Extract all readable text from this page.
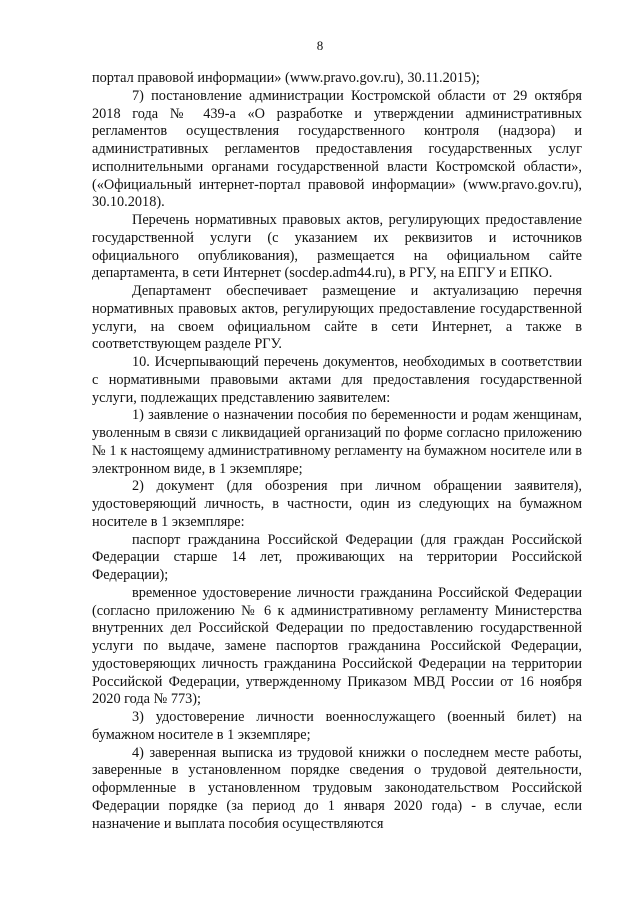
8

портал правовой информации» (www.pravo.gov.ru), 30.11.2015);

7) постановление администрации Костромской области от 29 октября 2018 года № 439-а «О разработке и утверждении административных регламентов осуществления государственного контроля (надзора) и административных регламентов предоставления государственных услуг исполнительными органами государственной власти Костромской области», («Официальный интернет-портал правовой информации» (www.pravo.gov.ru), 30.10.2018).

Перечень нормативных правовых актов, регулирующих предоставление государственной услуги (с указанием их реквизитов и источников официального опубликования), размещается на официальном сайте департамента, в сети Интернет (socdep.adm44.ru), в РГУ, на ЕПГУ и ЕПКО.

Департамент обеспечивает размещение и актуализацию перечня нормативных правовых актов, регулирующих предоставление государственной услуги, на своем официальном сайте в сети Интернет, а также в соответствующем разделе РГУ.

10. Исчерпывающий перечень документов, необходимых в соответствии с нормативными правовыми актами для предоставления государственной услуги, подлежащих представлению заявителем:

1) заявление о назначении пособия по беременности и родам женщинам, уволенным в связи с ликвидацией организаций по форме согласно приложению № 1 к настоящему административному регламенту на бумажном носителе или в электронном виде, в 1 экземпляре;

2) документ (для обозрения при личном обращении заявителя), удостоверяющий личность, в частности, один из следующих на бумажном носителе в 1 экземпляре:

паспорт гражданина Российской Федерации (для граждан Российской Федерации старше 14 лет, проживающих на территории Российской Федерации);

временное удостоверение личности гражданина Российской Федерации (согласно приложению № 6 к административному регламенту Министерства внутренних дел Российской Федерации по предоставлению государственной услуги по выдаче, замене паспортов гражданина Российской Федерации, удостоверяющих личность гражданина Российской Федерации на территории Российской Федерации, утвержденному Приказом МВД России от 16 ноября 2020 года № 773);

3) удостоверение личности военнослужащего (военный билет) на бумажном носителе в 1 экземпляре;

4) заверенная выписка из трудовой книжки о последнем месте работы, заверенные в установленном порядке сведения о трудовой деятельности, оформленные в установленном трудовым законодательством Российской Федерации порядке (за период до 1 января 2020 года) - в случае, если назначение и выплата пособия осуществляются
